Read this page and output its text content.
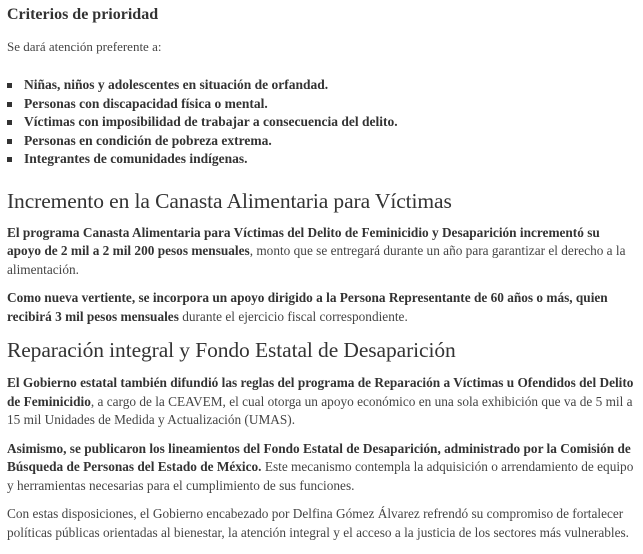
Criterios de prioridad

Se dará atención preferente a:

Niñas, niños y adolescentes en situación de orfandad.
Personas con discapacidad física o mental.
Víctimas con imposibilidad de trabajar a consecuencia del delito.
Personas en condición de pobreza extrema.
Integrantes de comunidades indígenas.
Incremento en la Canasta Alimentaria para Víctimas

El programa Canasta Alimentaria para Víctimas del Delito de Feminicidio y Desaparición incrementó su apoyo de 2 mil a 2 mil 200 pesos mensuales, monto que se entregará durante un año para garantizar el derecho a la alimentación.

Como nueva vertiente, se incorpora un apoyo dirigido a la Persona Representante de 60 años o más, quien recibirá 3 mil pesos mensuales durante el ejercicio fiscal correspondiente.

Reparación integral y Fondo Estatal de Desaparición

El Gobierno estatal también difundió las reglas del programa de Reparación a Víctimas u Ofendidos del Delito de Feminicidio, a cargo de la CEAVEM, el cual otorga un apoyo económico en una sola exhibición que va de 5 mil a 15 mil Unidades de Medida y Actualización (UMAS).

Asimismo, se publicaron los lineamientos del Fondo Estatal de Desaparición, administrado por la Comisión de Búsqueda de Personas del Estado de México. Este mecanismo contempla la adquisición o arrendamiento de equipo y herramientas necesarias para el cumplimiento de sus funciones.

Con estas disposiciones, el Gobierno encabezado por Delfina Gómez Álvarez refrendó su compromiso de fortalecer políticas públicas orientadas al bienestar, la atención integral y el acceso a la justicia de los sectores más vulnerables.
